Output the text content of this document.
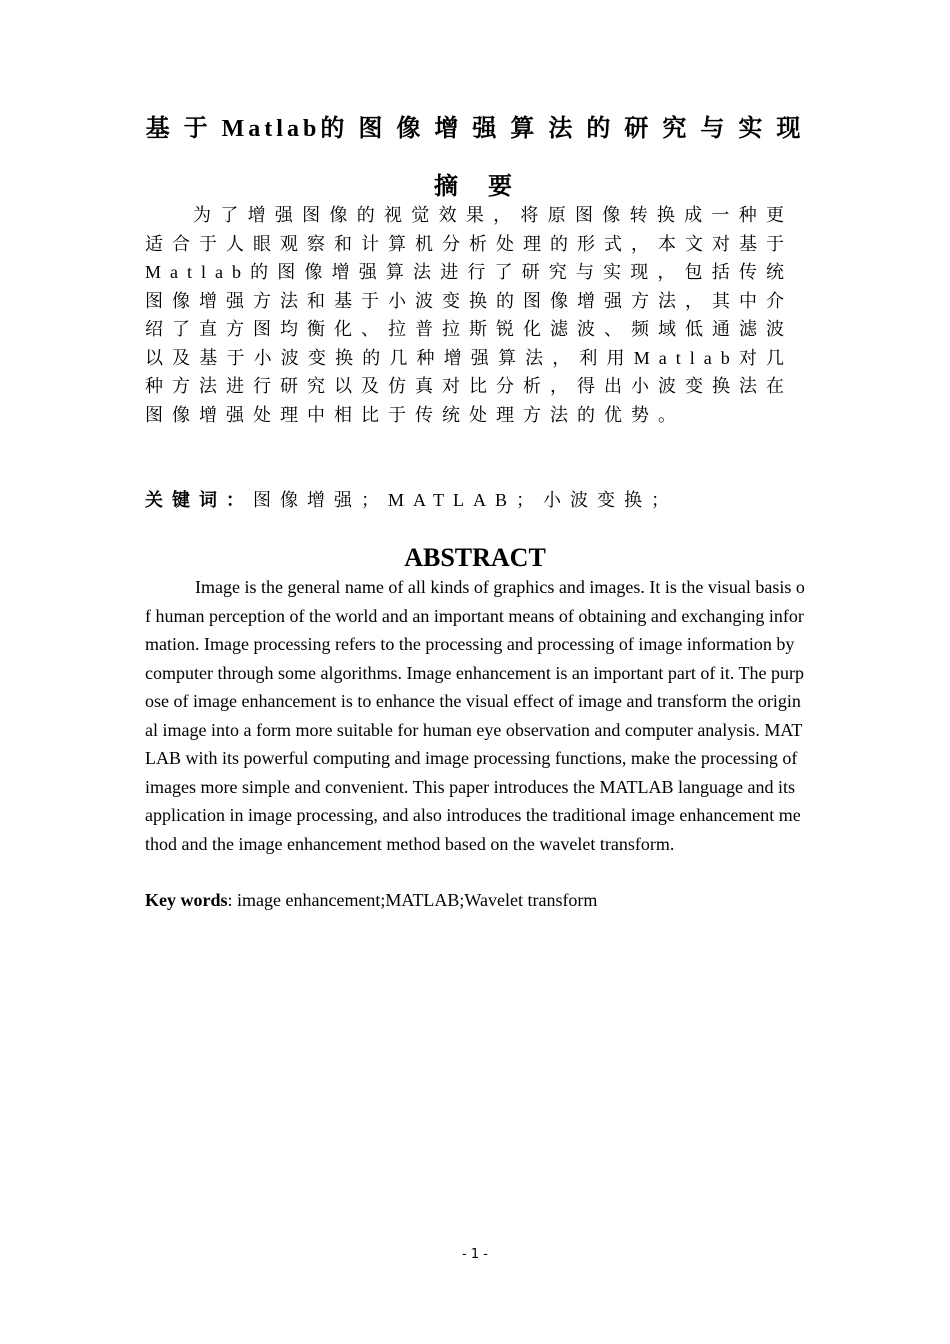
基 于 Matlab的 图 像 增 强 算 法 的 研 究 与 实 现
摘 要

为了增强图像的视觉效果，将原图像转换成一种更适合于人眼观察和计算机分析处理的形式，本文对基于Matlab的图像增强算法进行了研究与实现，包括传统图像增强方法和基于小波变换的图像增强方法，其中介绍了直方图均衡化、拉普拉斯锐化滤波、频域低通滤波以及基于小波变换的几种增强算法，利用Matlab对几种方法进行研究以及仿真对比分析，得出小波变换法在图像增强处理中相比于传统处理方法的优势。

关键词：图像增强；MATLAB；小波变换；

ABSTRACT

Image is the general name of all kinds of graphics and images. It is the visual basis of human perception of the world and an important means of obtaining and exchanging information. Image processing refers to the processing and processing of image information by computer through some algorithms. Image enhancement is an important part of it. The purpose of image enhancement is to enhance the visual effect of image and transform the original image into a form more suitable for human eye observation and computer analysis. MATLAB with its powerful computing and image processing functions, make the processing of images more simple and convenient. This paper introduces the MATLAB language and its application in image processing, and also introduces the traditional image enhancement method and the image enhancement method based on the wavelet transform.

Key words: image enhancement;MATLAB;Wavelet transform

- 1 -
